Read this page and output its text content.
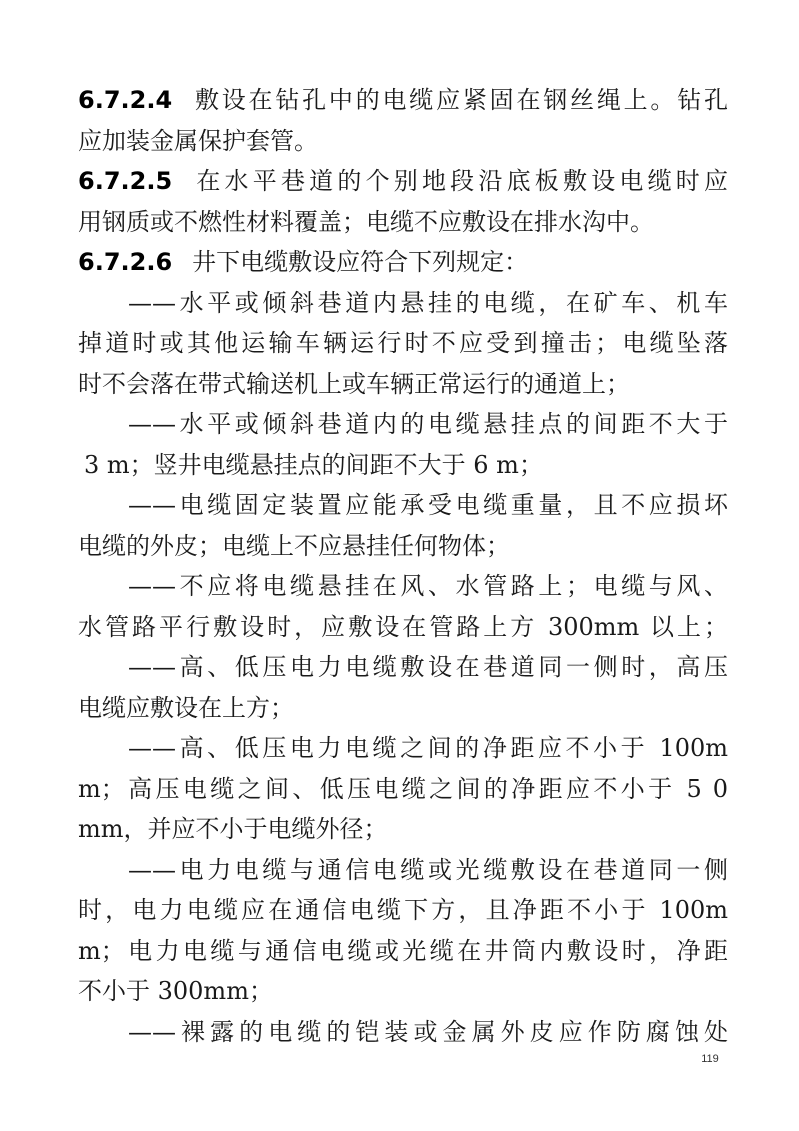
6.7.2.4 敷设在钻孔中的电缆应紧固在钢丝绳上。钻孔
应加装金属保护套管。
6.7.2.5 在水平巷道的个别地段沿底板敷设电缆时应
用钢质或不燃性材料覆盖；电缆不应敷设在排水沟中。
6.7.2.6 井下电缆敷设应符合下列规定：
——水平或倾斜巷道内悬挂的电缆，在矿车、机车
掉道时或其他运输车辆运行时不应受到撞击；电缆坠落
时不会落在带式输送机上或车辆正常运行的通道上；
——水平或倾斜巷道内的电缆悬挂点的间距不大于
3 m；竖井电缆悬挂点的间距不大于 6 m；
——电缆固定装置应能承受电缆重量，且不应损坏
电缆的外皮；电缆上不应悬挂任何物体；
——不应将电缆悬挂在风、水管路上；电缆与风、
水管路平行敷设时，应敷设在管路上方 300mm 以上；
——高、低压电力电缆敷设在巷道同一侧时，高压
电缆应敷设在上方；
——高、低压电力电缆之间的净距应不小于 100m
m；高压电缆之间、低压电缆之间的净距应不小于 5 0
mm，并应不小于电缆外径；
——电力电缆与通信电缆或光缆敷设在巷道同一侧
时，电力电缆应在通信电缆下方，且净距不小于 100m
m；电力电缆与通信电缆或光缆在井筒内敷设时，净距
不小于 300mm；
——裸露的电缆的铠装或金属外皮应作防腐蚀处
119
